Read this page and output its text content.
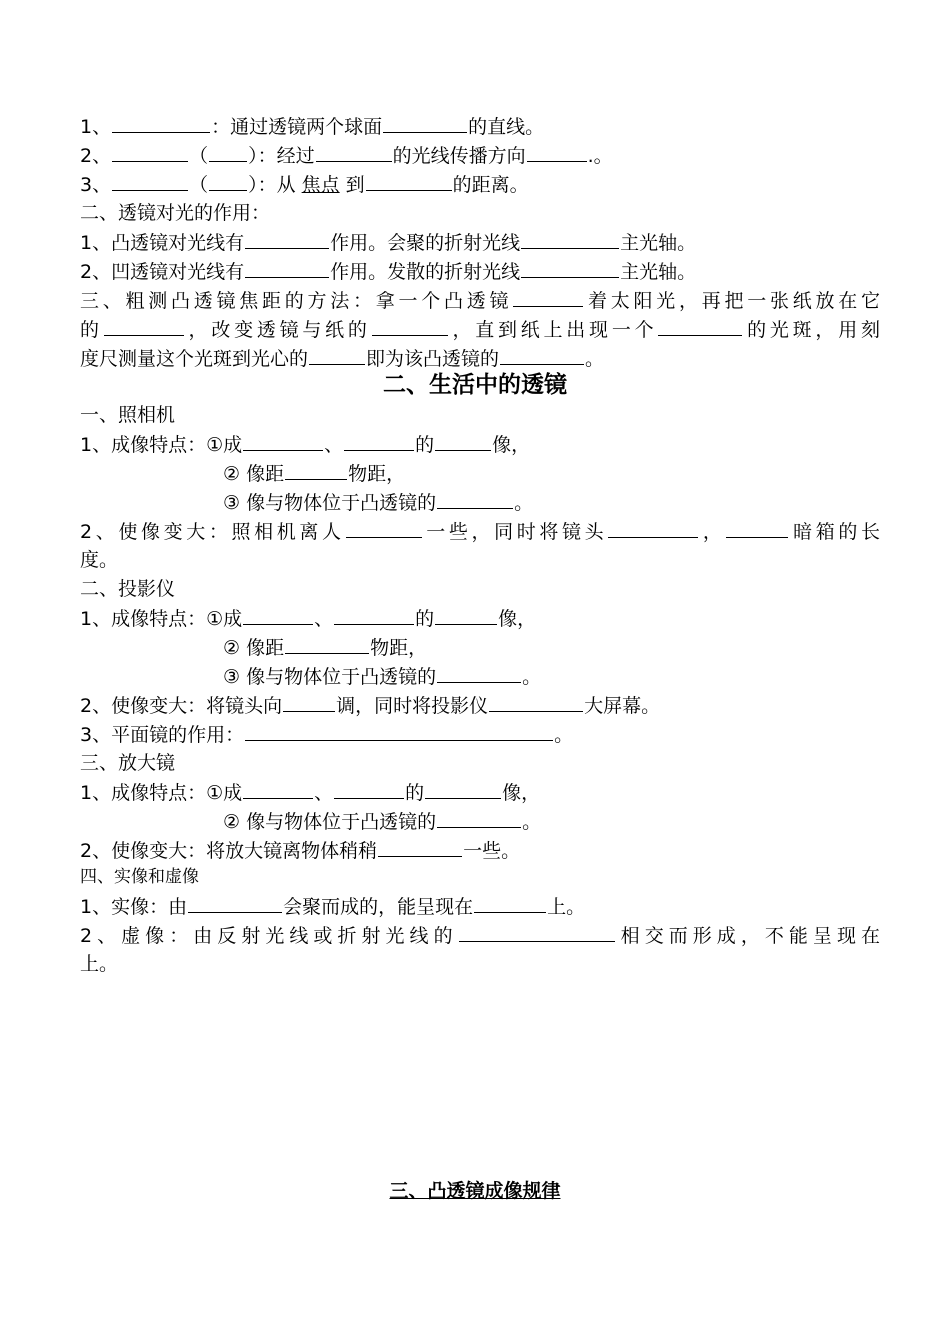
1、	：通过透镜两个球面	的直线。
2、	（ ）：经过	的光线传播方向	.。
3、	（ ）：从 焦点 到	的距离。
二、透镜对光的作用：
1、凸透镜对光线有	作用。会聚的折射光线	主光轴。
2、凹透镜对光线有	作用。发散的折射光线	主光轴。
三、粗测凸透镜焦距的方法：拿一个凸透镜	着太阳光，再把一张纸放在它
的	，改变透镜与纸的	，直到纸上出现一个	的光斑，用刻
度尺测量这个光斑到光心的	即为该凸透镜的	。
二、生活中的透镜
一、照相机
1、成像特点：①成	、	的	像，
② 像距	物距，
③ 像与物体位于凸透镜的	。
2、使像变大：照相机离人	一些，同时将镜头	，	暗箱的长
度。
二、投影仪
1、成像特点：①成	、	的	像，
② 像距	物距，
③ 像与物体位于凸透镜的	。
2、使像变大：将镜头向	调，同时将投影仪	大屏幕。
3、平面镜的作用：	。
三、放大镜
1、成像特点：①成	、	的	像，
② 像与物体位于凸透镜的	。
2、使像变大：将放大镜离物体稍稍	一些。
四、实像和虚像
1、实像：由	会聚而成的，能呈现在	上。
2、虚像：由反射光线或折射光线的	相交而形成，不能呈现在
上。
三、凸透镜成像规律
